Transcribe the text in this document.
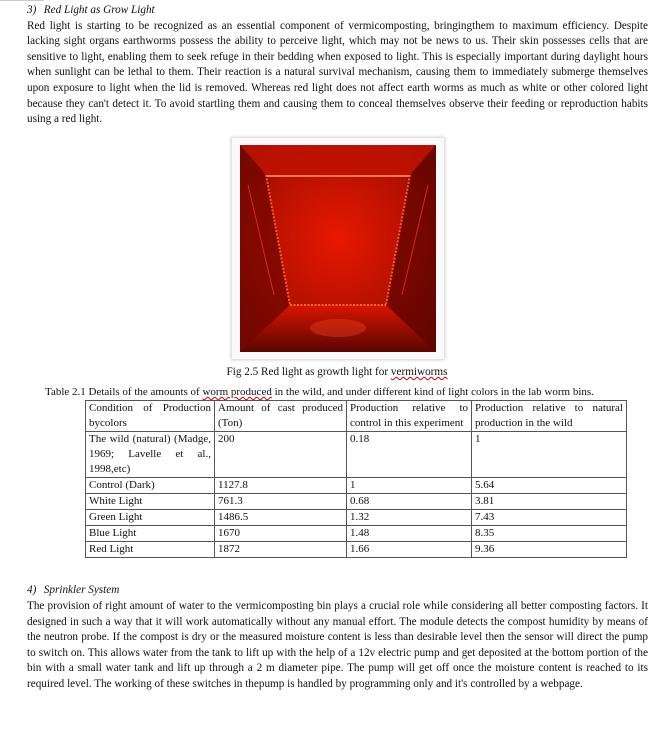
3) Red Light as Grow Light

Red light is starting to be recognized as an essential component of vermicomposting, bringingthem to maximum efficiency. Despite lacking sight organs earthworms possess the ability to perceive light, which may not be news to us. Their skin possesses cells that are sensitive to light, enabling them to seek refuge in their bedding when exposed to light. This is especially important during daylight hours when sunlight can be lethal to them. Their reaction is a natural survival mechanism, causing them to immediately submerge themselves upon exposure to light when the lid is removed. Whereas red light does not affect earth worms as much as white or other colored light because they can't detect it. To avoid startling them and causing them to conceal themselves observe their feeding or reproduction habits using a red light.

Fig 2.5 Red light as growth light for vermiworms
Table 2.1 Details of the amounts of worm produced in the wild, and under different kind of light colors in the lab worm bins.
Condition of Production bycolors	Amount of cast produced (Ton)	Production relative to control in this experiment	Production relative to natural production in the wild
The wild (natural) (Madge, 1969; Lavelle et al., 1998,etc)	200	0.18	1
Control (Dark)	1127.8	1	5.64
White Light	761.3	0.68	3.81
Green Light	1486.5	1.32	7.43
Blue Light	1670	1.48	8.35
Red Light	1872	1.66	9.36
4) Sprinkler System

The provision of right amount of water to the vermicomposting bin plays a crucial role while considering all better composting factors. It designed in such a way that it will work automatically without any manual effort. The module detects the compost humidity by means of the neutron probe. If the compost is dry or the measured moisture content is less than desirable level then the sensor will direct the pump to switch on. This allows water from the tank to lift up with the help of a 12v electric pump and get deposited at the bottom portion of the bin with a small water tank and lift up through a 2 m diameter pipe. The pump will get off once the moisture content is reached to its required level. The working of these switches in thepump is handled by programming only and it's controlled by a webpage.
